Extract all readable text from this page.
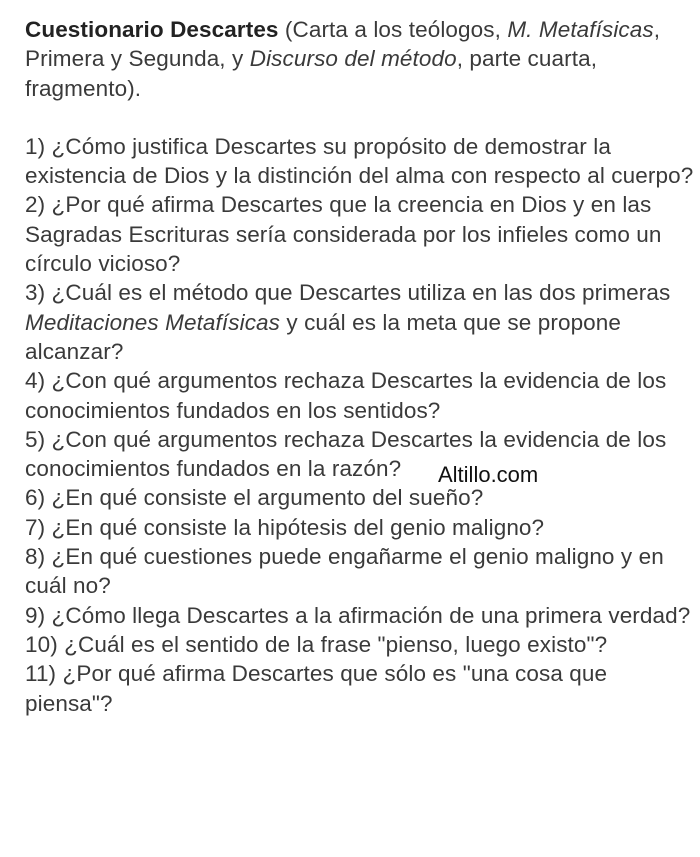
Cuestionario Descartes (Carta a los teólogos, M. Metafísicas, Primera y Segunda, y Discurso del método, parte cuarta, fragmento).

1) ¿Cómo justifica Descartes su propósito de demostrar la existencia de Dios y la distinción del alma con respecto al cuerpo?
2) ¿Por qué afirma Descartes que la creencia en Dios y en las Sagradas Escrituras sería considerada por los infieles como un círculo vicioso?
3) ¿Cuál es el método que Descartes utiliza en las dos primeras Meditaciones Metafísicas y cuál es la meta que se propone alcanzar?
4) ¿Con qué argumentos rechaza Descartes la evidencia de los conocimientos fundados en los sentidos?
5) ¿Con qué argumentos rechaza Descartes la evidencia de los conocimientos fundados en la razón?
6) ¿En qué consiste el argumento del sueño?
7) ¿En qué consiste la hipótesis del genio maligno?
8) ¿En qué cuestiones puede engañarme el genio maligno y en cuál no?
9) ¿Cómo llega Descartes a la afirmación de una primera verdad?
10) ¿Cuál es el sentido de la frase "pienso, luego existo"?
11) ¿Por qué afirma Descartes que sólo es "una cosa que piensa"?
Altillo.com
